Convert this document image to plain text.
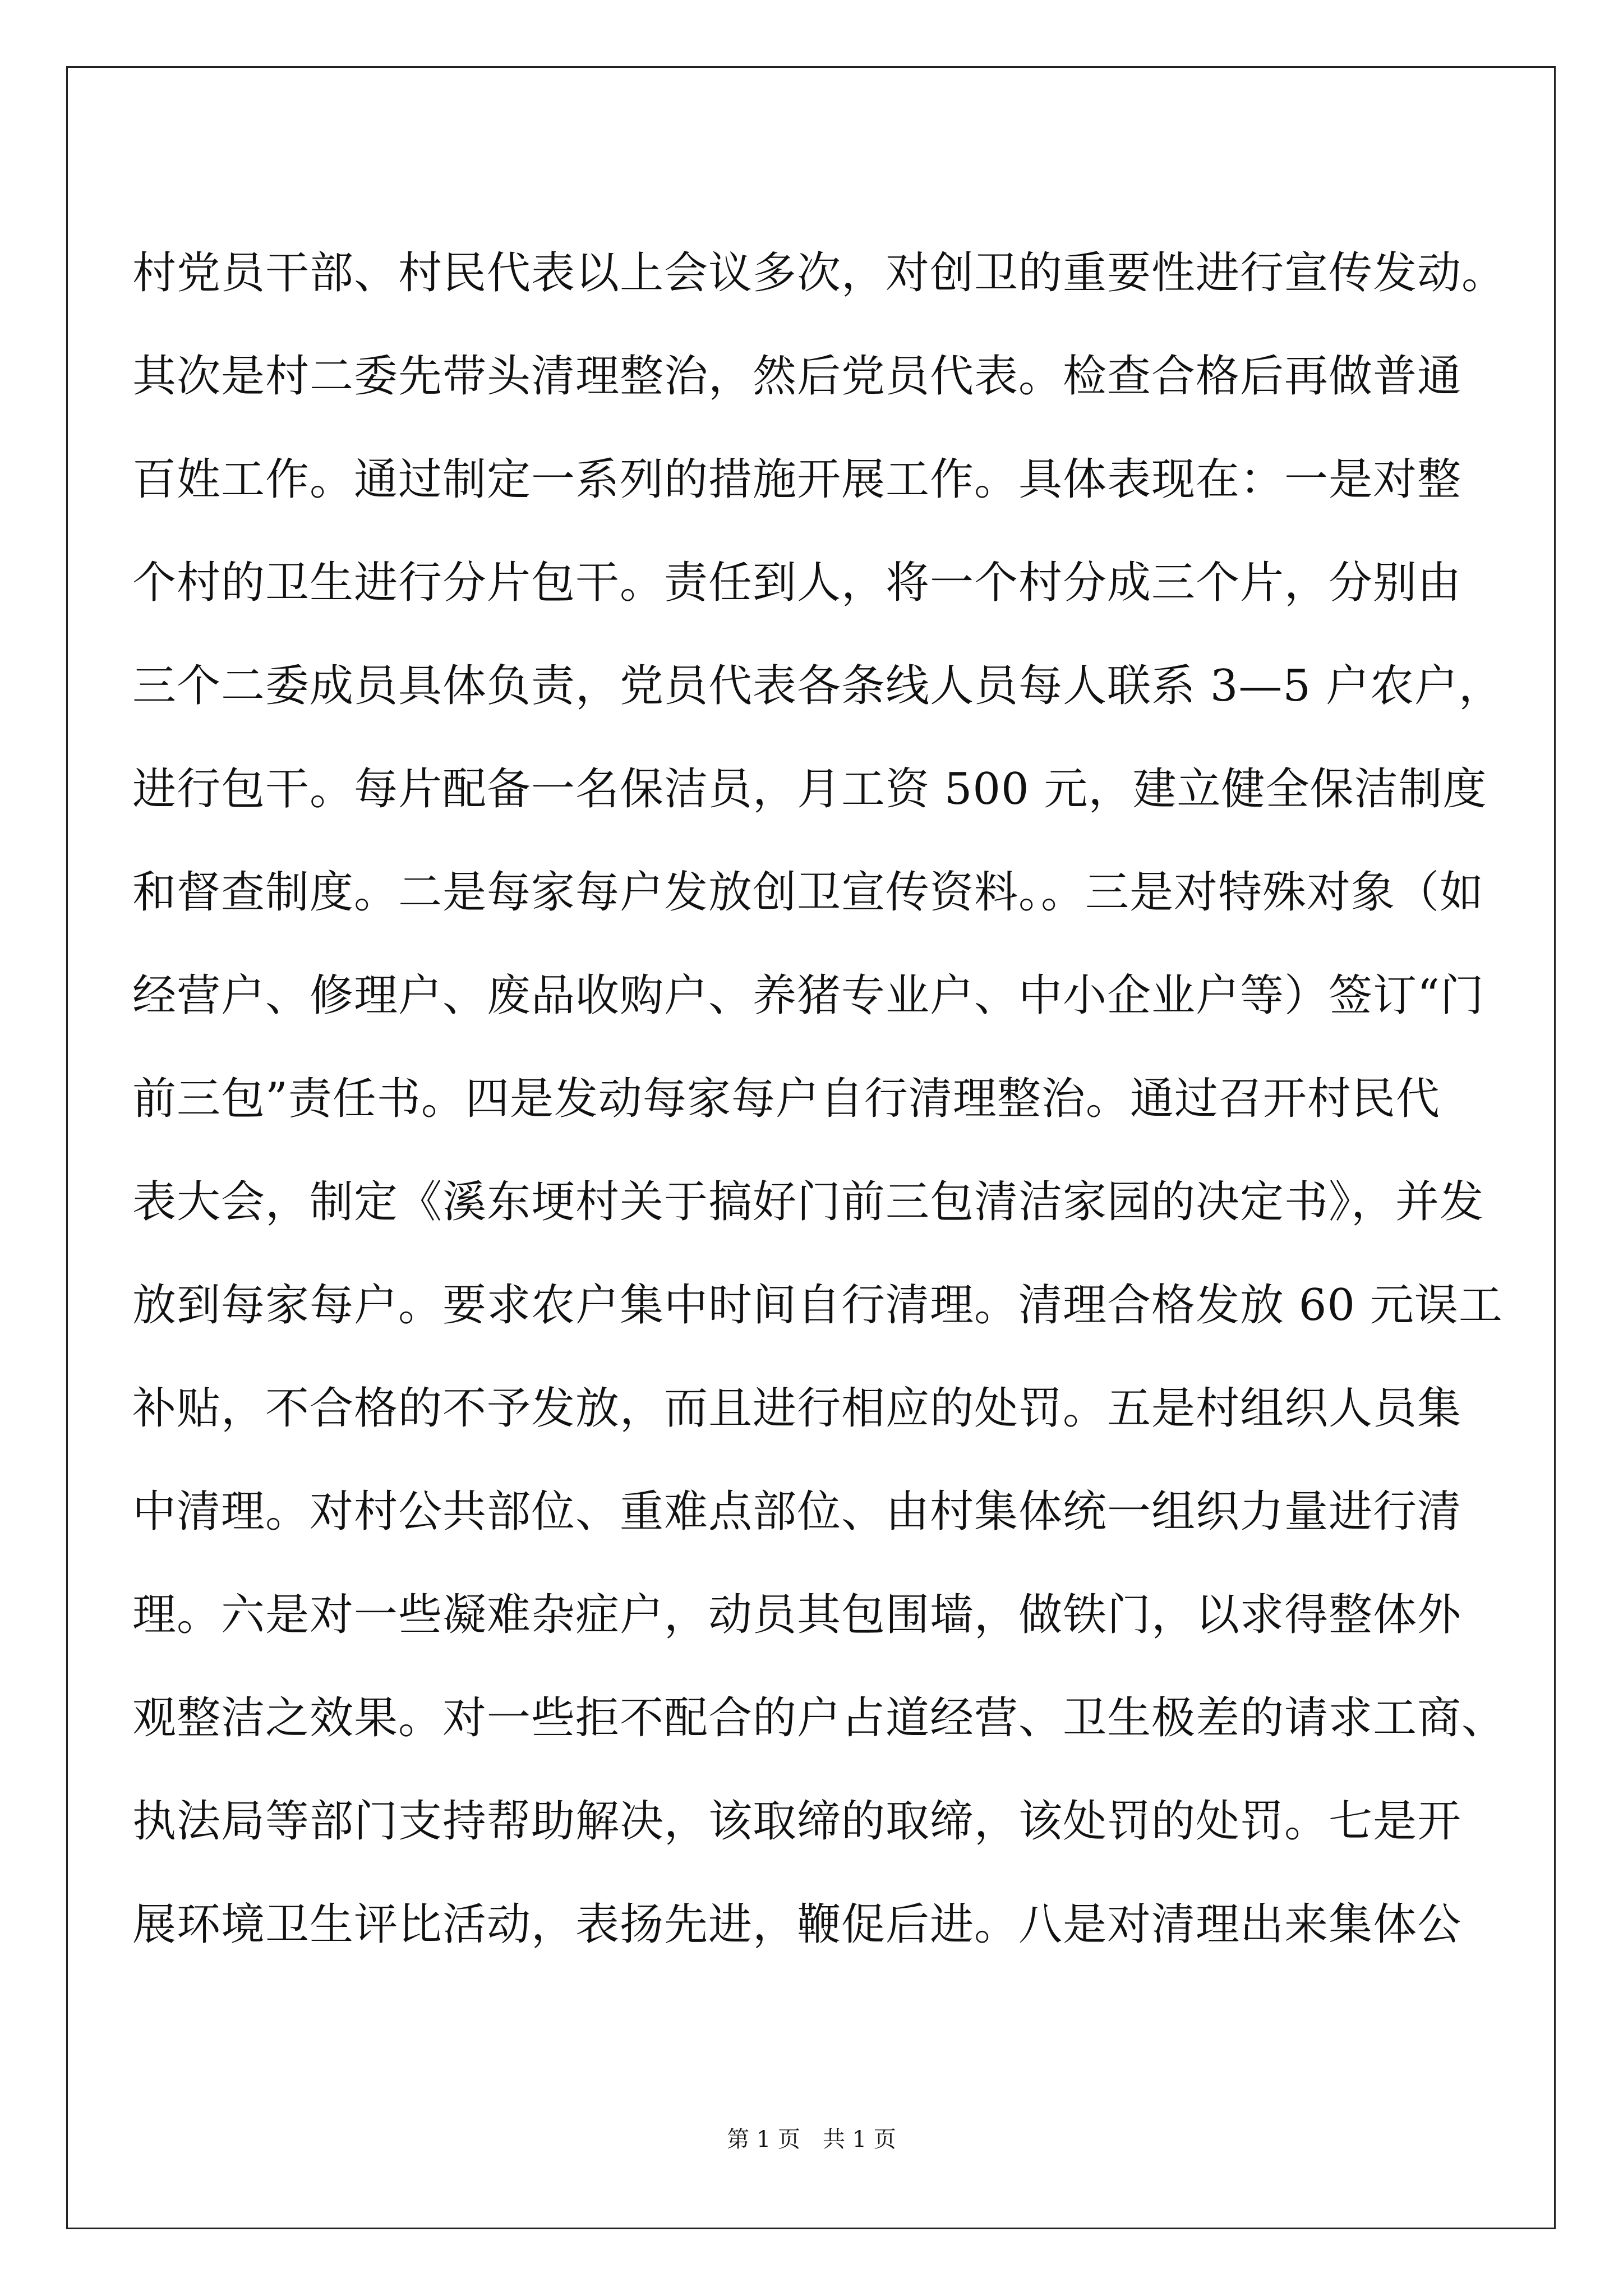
村党员干部、村民代表以上会议多次，对创卫的重要性进行宣传发动。
其次是村二委先带头清理整治，然后党员代表。检查合格后再做普通
百姓工作。通过制定一系列的措施开展工作。具体表现在：一是对整
个村的卫生进行分片包干。责任到人，将一个村分成三个片，分别由
三个二委成员具体负责，党员代表各条线人员每人联系 3—5 户农户，
进行包干。每片配备一名保洁员，月工资 500 元，建立健全保洁制度
和督查制度。二是每家每户发放创卫宣传资料。。三是对特殊对象（如
经营户、修理户、废品收购户、养猪专业户、中小企业户等）签订“门
前三包”责任书。四是发动每家每户自行清理整治。通过召开村民代
表大会，制定《溪东埂村关于搞好门前三包清洁家园的决定书》，并发
放到每家每户。要求农户集中时间自行清理。清理合格发放 60 元误工
补贴，不合格的不予发放，而且进行相应的处罚。五是村组织人员集
中清理。对村公共部位、重难点部位、由村集体统一组织力量进行清
理。六是对一些凝难杂症户，动员其包围墙，做铁门，以求得整体外
观整洁之效果。对一些拒不配合的户占道经营、卫生极差的请求工商、
执法局等部门支持帮助解决，该取缔的取缔，该处罚的处罚。七是开
展环境卫生评比活动，表扬先进，鞭促后进。八是对清理出来集体公
第 1 页　共 1 页
